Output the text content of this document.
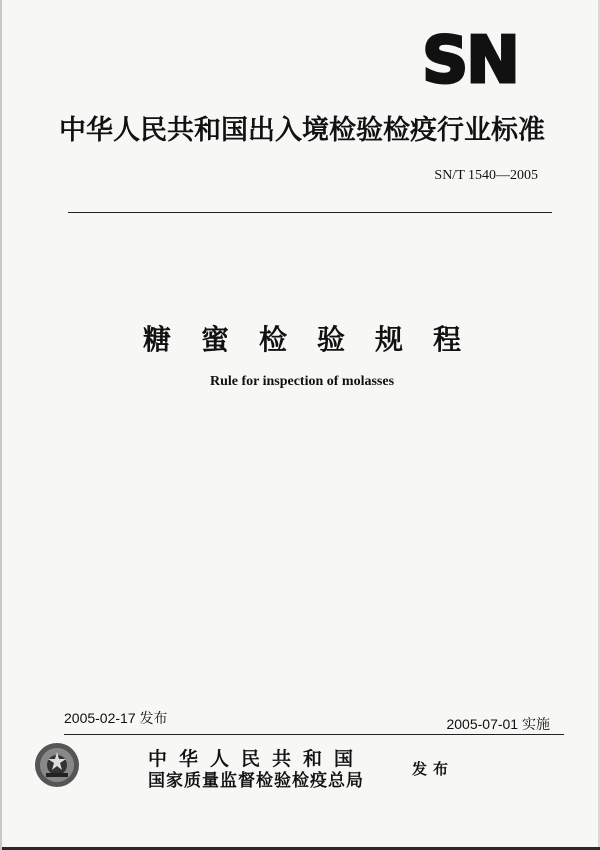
SN
中华人民共和国出入境检验检疫行业标准
SN/T 1540—2005
糖蜜检验规程
Rule for inspection of molasses
2005-02-17 发布	2005-07-01 实施
中华人民共和国
国家质量监督检验检疫总局
发布
